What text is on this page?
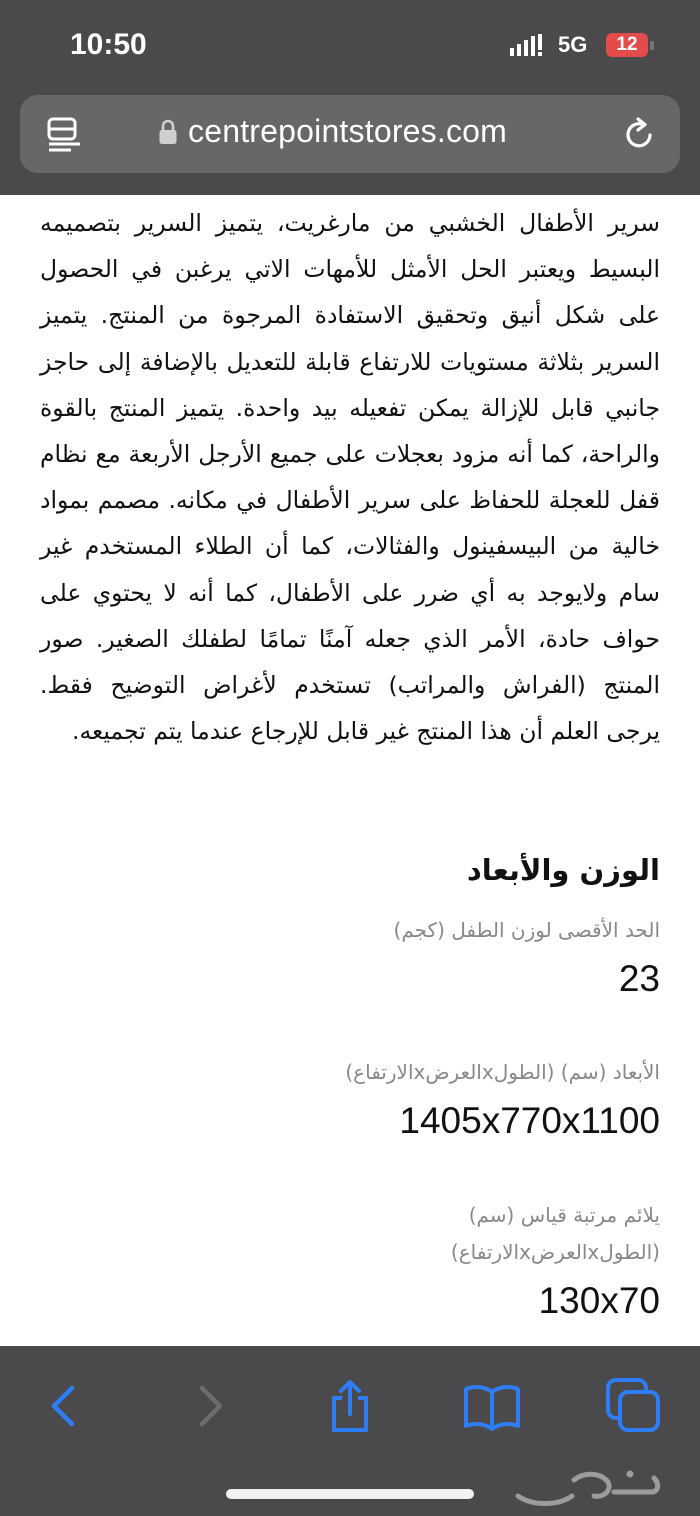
10:50	5G	12
centrepointstores.com

سرير الأطفال الخشبي من مارغريت، يتميز السرير بتصميمه البسيط ويعتبر الحل الأمثل للأمهات الاتي يرغبن في الحصول على شكل أنيق وتحقيق الاستفادة المرجوة من المنتج. يتميز السرير بثلاثة مستويات للارتفاع قابلة للتعديل بالإضافة إلى حاجز جانبي قابل للإزالة يمكن تفعيله بيد واحدة. يتميز المنتج بالقوة والراحة، كما أنه مزود بعجلات على جميع الأرجل الأربعة مع نظام قفل للعجلة للحفاظ على سرير الأطفال في مكانه. مصمم بمواد خالية من البيسفينول والفثالات، كما أن الطلاء المستخدم غير سام ولايوجد به أي ضرر على الأطفال، كما أنه لا يحتوي على حواف حادة، الأمر الذي جعله آمنًا تمامًا لطفلك الصغير. صور المنتج (الفراش والمراتب) تستخدم لأغراض التوضيح فقط. يرجى العلم أن هذا المنتج غير قابل للإرجاع عندما يتم تجميعه.

الوزن والأبعاد
الحد الأقصى لوزن الطفل (كجم)
23
الأبعاد (سم) (الطولxالعرضxالارتفاع)
1405x770x1100
يلائم مرتبة قياس (سم)
(الطولxالعرضxالارتفاع)
130x70
